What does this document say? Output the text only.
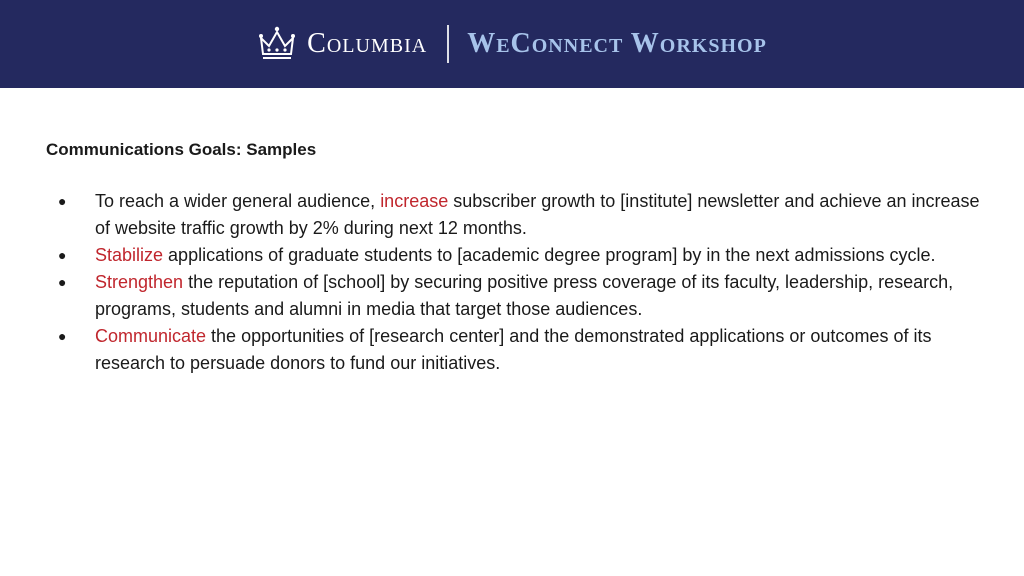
Columbia WeConnect Workshop
Communications Goals: Samples
● To reach a wider general audience, increase subscriber growth to [institute] newsletter and achieve an increase of website traffic growth by 2% during next 12 months.
● Stabilize applications of graduate students to [academic degree program] by in the next admissions cycle.
● Strengthen the reputation of [school] by securing positive press coverage of its faculty, leadership, research, programs, students and alumni in media that target those audiences.
● Communicate the opportunities of [research center] and the demonstrated applications or outcomes of its research to persuade donors to fund our initiatives.
